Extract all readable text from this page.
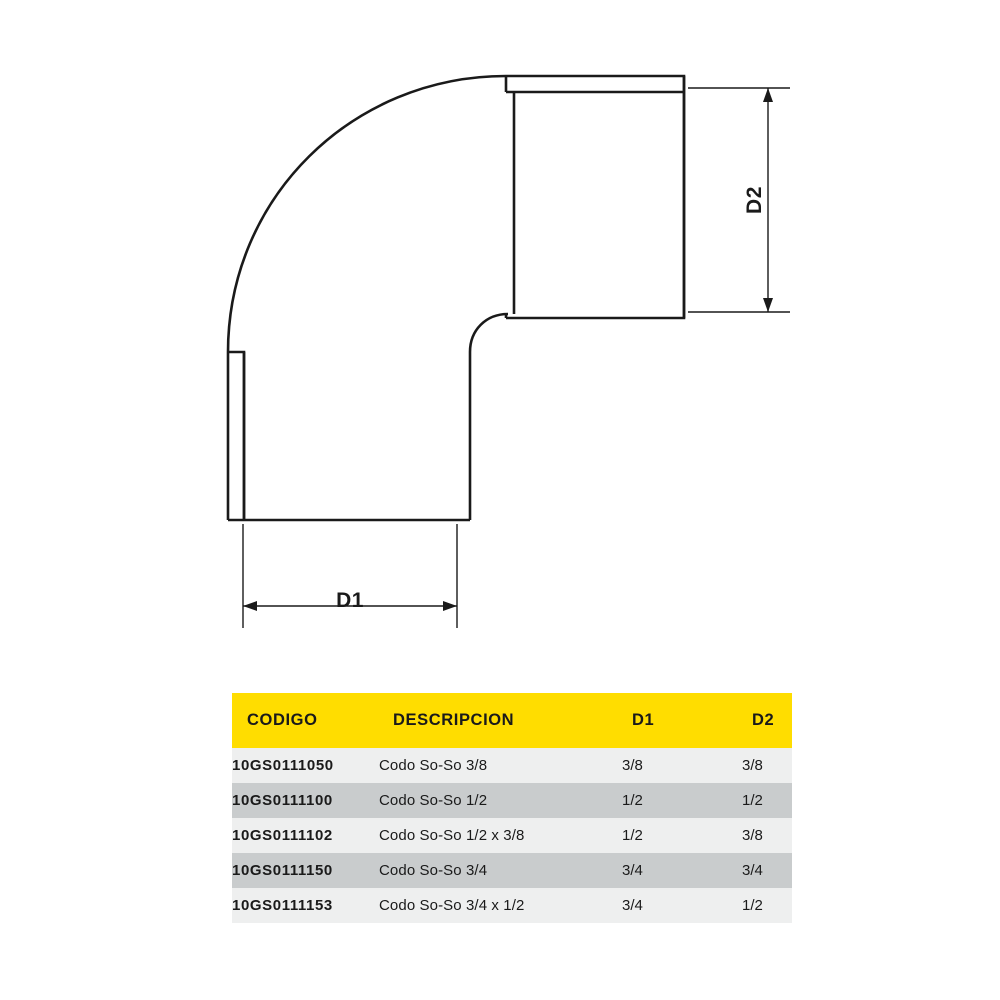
D2
D1
CODIGO	DESCRIPCION	D1	D2
10GS0111050	Codo So-So 3/8	3/8	3/8
10GS0111100	Codo So-So 1/2	1/2	1/2
10GS0111102	Codo So-So 1/2 x 3/8	1/2	3/8
10GS0111150	Codo So-So 3/4	3/4	3/4
10GS0111153	Codo So-So 3/4 x 1/2	3/4	1/2
